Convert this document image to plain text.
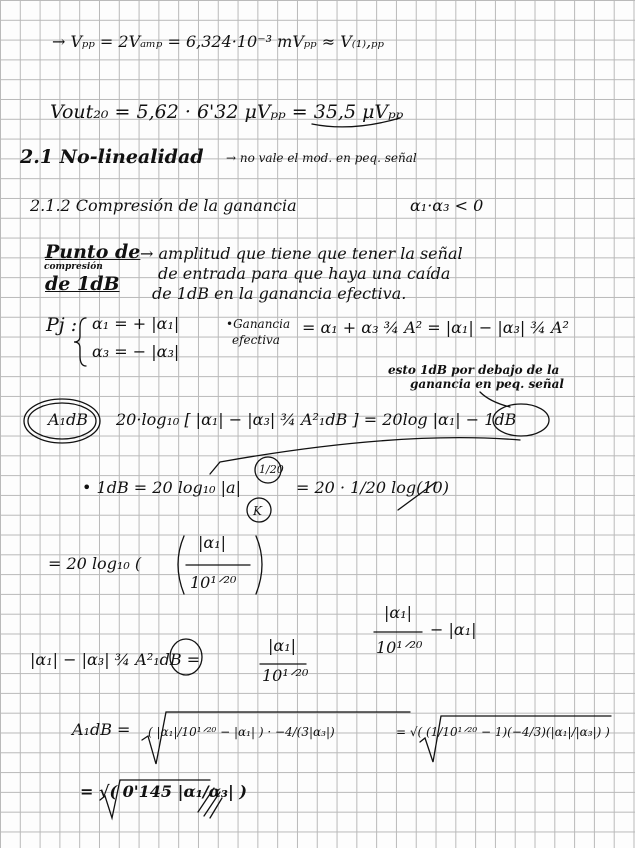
→ Vₚₚ = 2Vₐₘₚ = 6,324·10⁻³ mVₚₚ ≈ V₍₁₎,ₚₚ
Vout₂₀ = 5,62 · 6'32 μVₚₚ = 35,5 μVₚₚ
2.1 No-linealidad → no vale el mod. en peq. señal
2.1.2 Compresión de la ganancia	α₁·α₃ < 0
Punto de
compresión
de 1dB
→ amplitud que tiene que tener la señal
de entrada para que haya una caída
de 1dB en la ganancia efectiva.
Pj : α₁ = + |α₁|
α₃ = − |α₃|
•Ganancia
efectiva
= α₁ + α₃ ¾ A² = |α₁| − |α₃| ¾ A²
esto 1dB por debajo de la
ganancia en peq. señal
A₁dB 20·log₁₀ [ |α₁| − |α₃| ¾ A²₁dB ] = 20log |α₁| − 1dB
1/20
K
• 1dB = 20 log₁₀ |a|	= 20 · 1/20 log(10)
= 20 log₁₀ (
|α₁|
10¹ᐟ²⁰
|α₁|
10¹ᐟ²⁰
− |α₁|
|α₁| − |α₃| ¾ A²₁dB =
|α₁|
10¹ᐟ²⁰
A₁dB = ( |α₁|/10¹ᐟ²⁰ − |α₁| ) · −4/(3|α₃|)	= √( (1/10¹ᐟ²⁰ − 1)(−4/3)(|α₁|/|α₃|) )
= √( 0'145 |α₁/α₃| )
